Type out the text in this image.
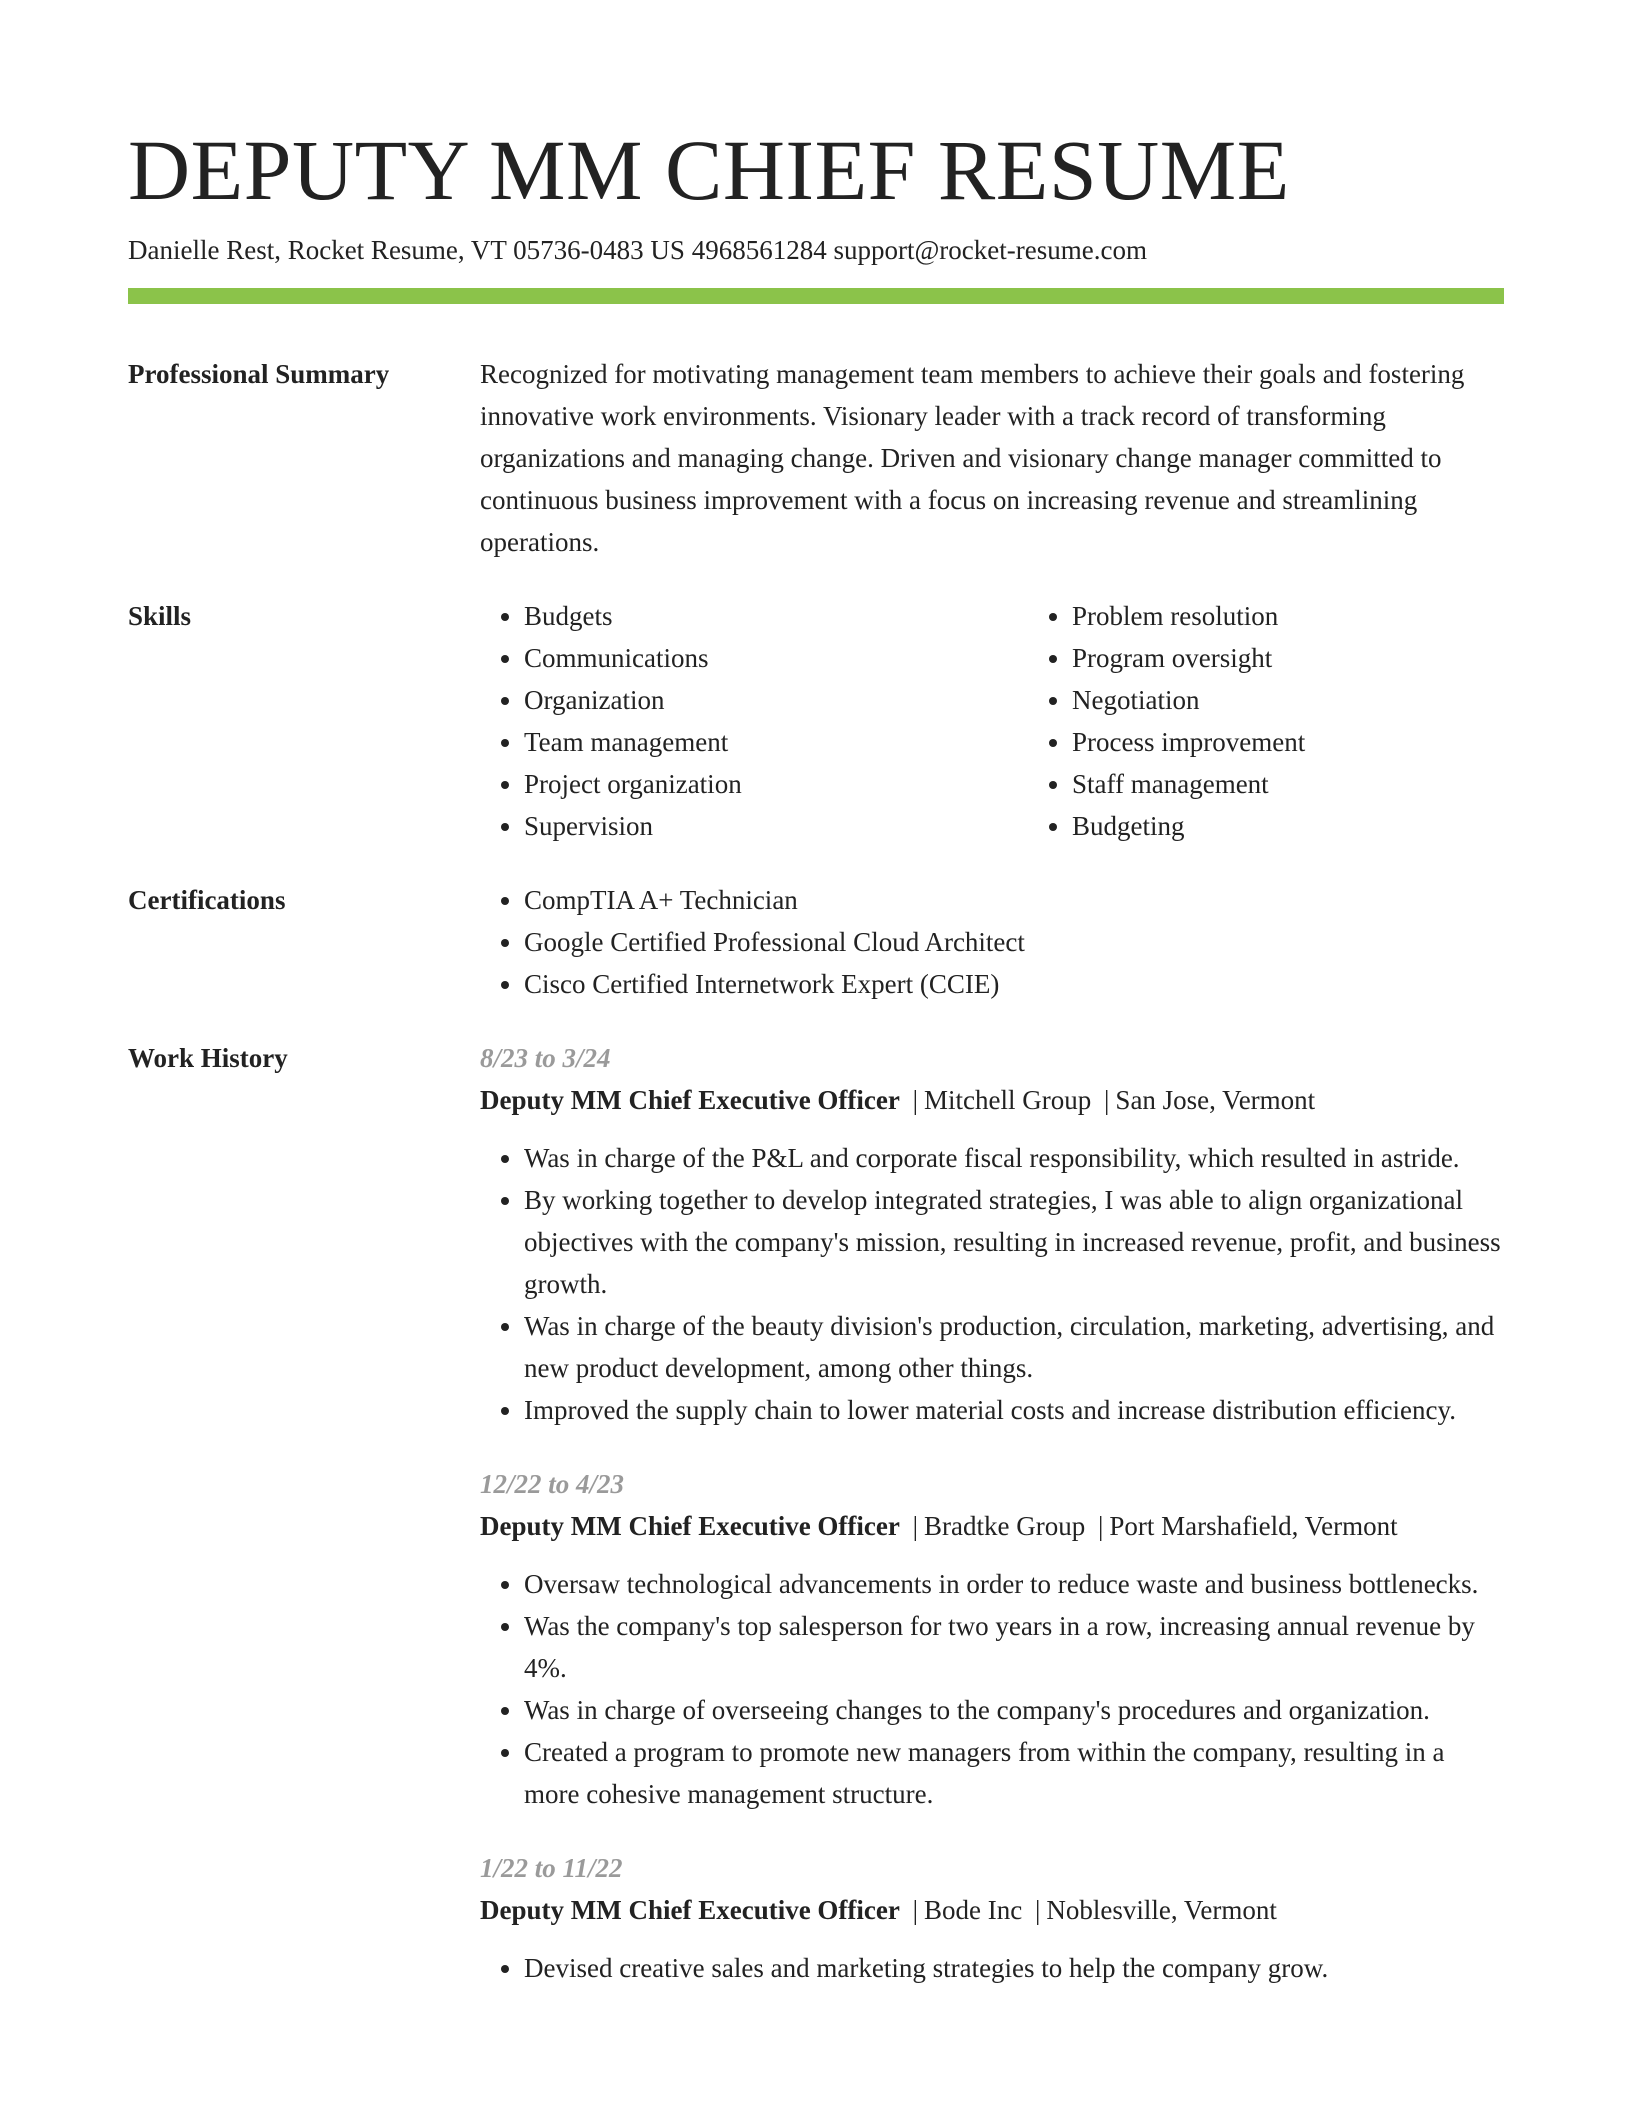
DEPUTY MM CHIEF RESUME
Danielle Rest, Rocket Resume, VT 05736-0483 US 4968561284 support@rocket-resume.com
Professional Summary	Recognized for motivating management team members to achieve their goals and fostering innovative work environments. Visionary leader with a track record of transforming organizations and managing change. Driven and visionary change manager committed to continuous business improvement with a focus on increasing revenue and streamlining operations.
Skills	• Budgets
• Communications
• Organization
• Team management
• Project organization
• Supervision
• Problem resolution
• Program oversight
• Negotiation
• Process improvement
• Staff management
• Budgeting
Certifications	• CompTIA A+ Technician
• Google Certified Professional Cloud Architect
• Cisco Certified Internetwork Expert (CCIE)
Work History	8/23 to 3/24
Deputy MM Chief Executive Officer | Mitchell Group | San Jose, Vermont
• Was in charge of the P&L and corporate fiscal responsibility, which resulted in astride.
• By working together to develop integrated strategies, I was able to align organizational objectives with the company's mission, resulting in increased revenue, profit, and business growth.
• Was in charge of the beauty division's production, circulation, marketing, advertising, and new product development, among other things.
• Improved the supply chain to lower material costs and increase distribution efficiency.
12/22 to 4/23
Deputy MM Chief Executive Officer | Bradtke Group | Port Marshafield, Vermont
• Oversaw technological advancements in order to reduce waste and business bottlenecks.
• Was the company's top salesperson for two years in a row, increasing annual revenue by 4%.
• Was in charge of overseeing changes to the company's procedures and organization.
• Created a program to promote new managers from within the company, resulting in a more cohesive management structure.
1/22 to 11/22
Deputy MM Chief Executive Officer | Bode Inc | Noblesville, Vermont
• Devised creative sales and marketing strategies to help the company grow.
